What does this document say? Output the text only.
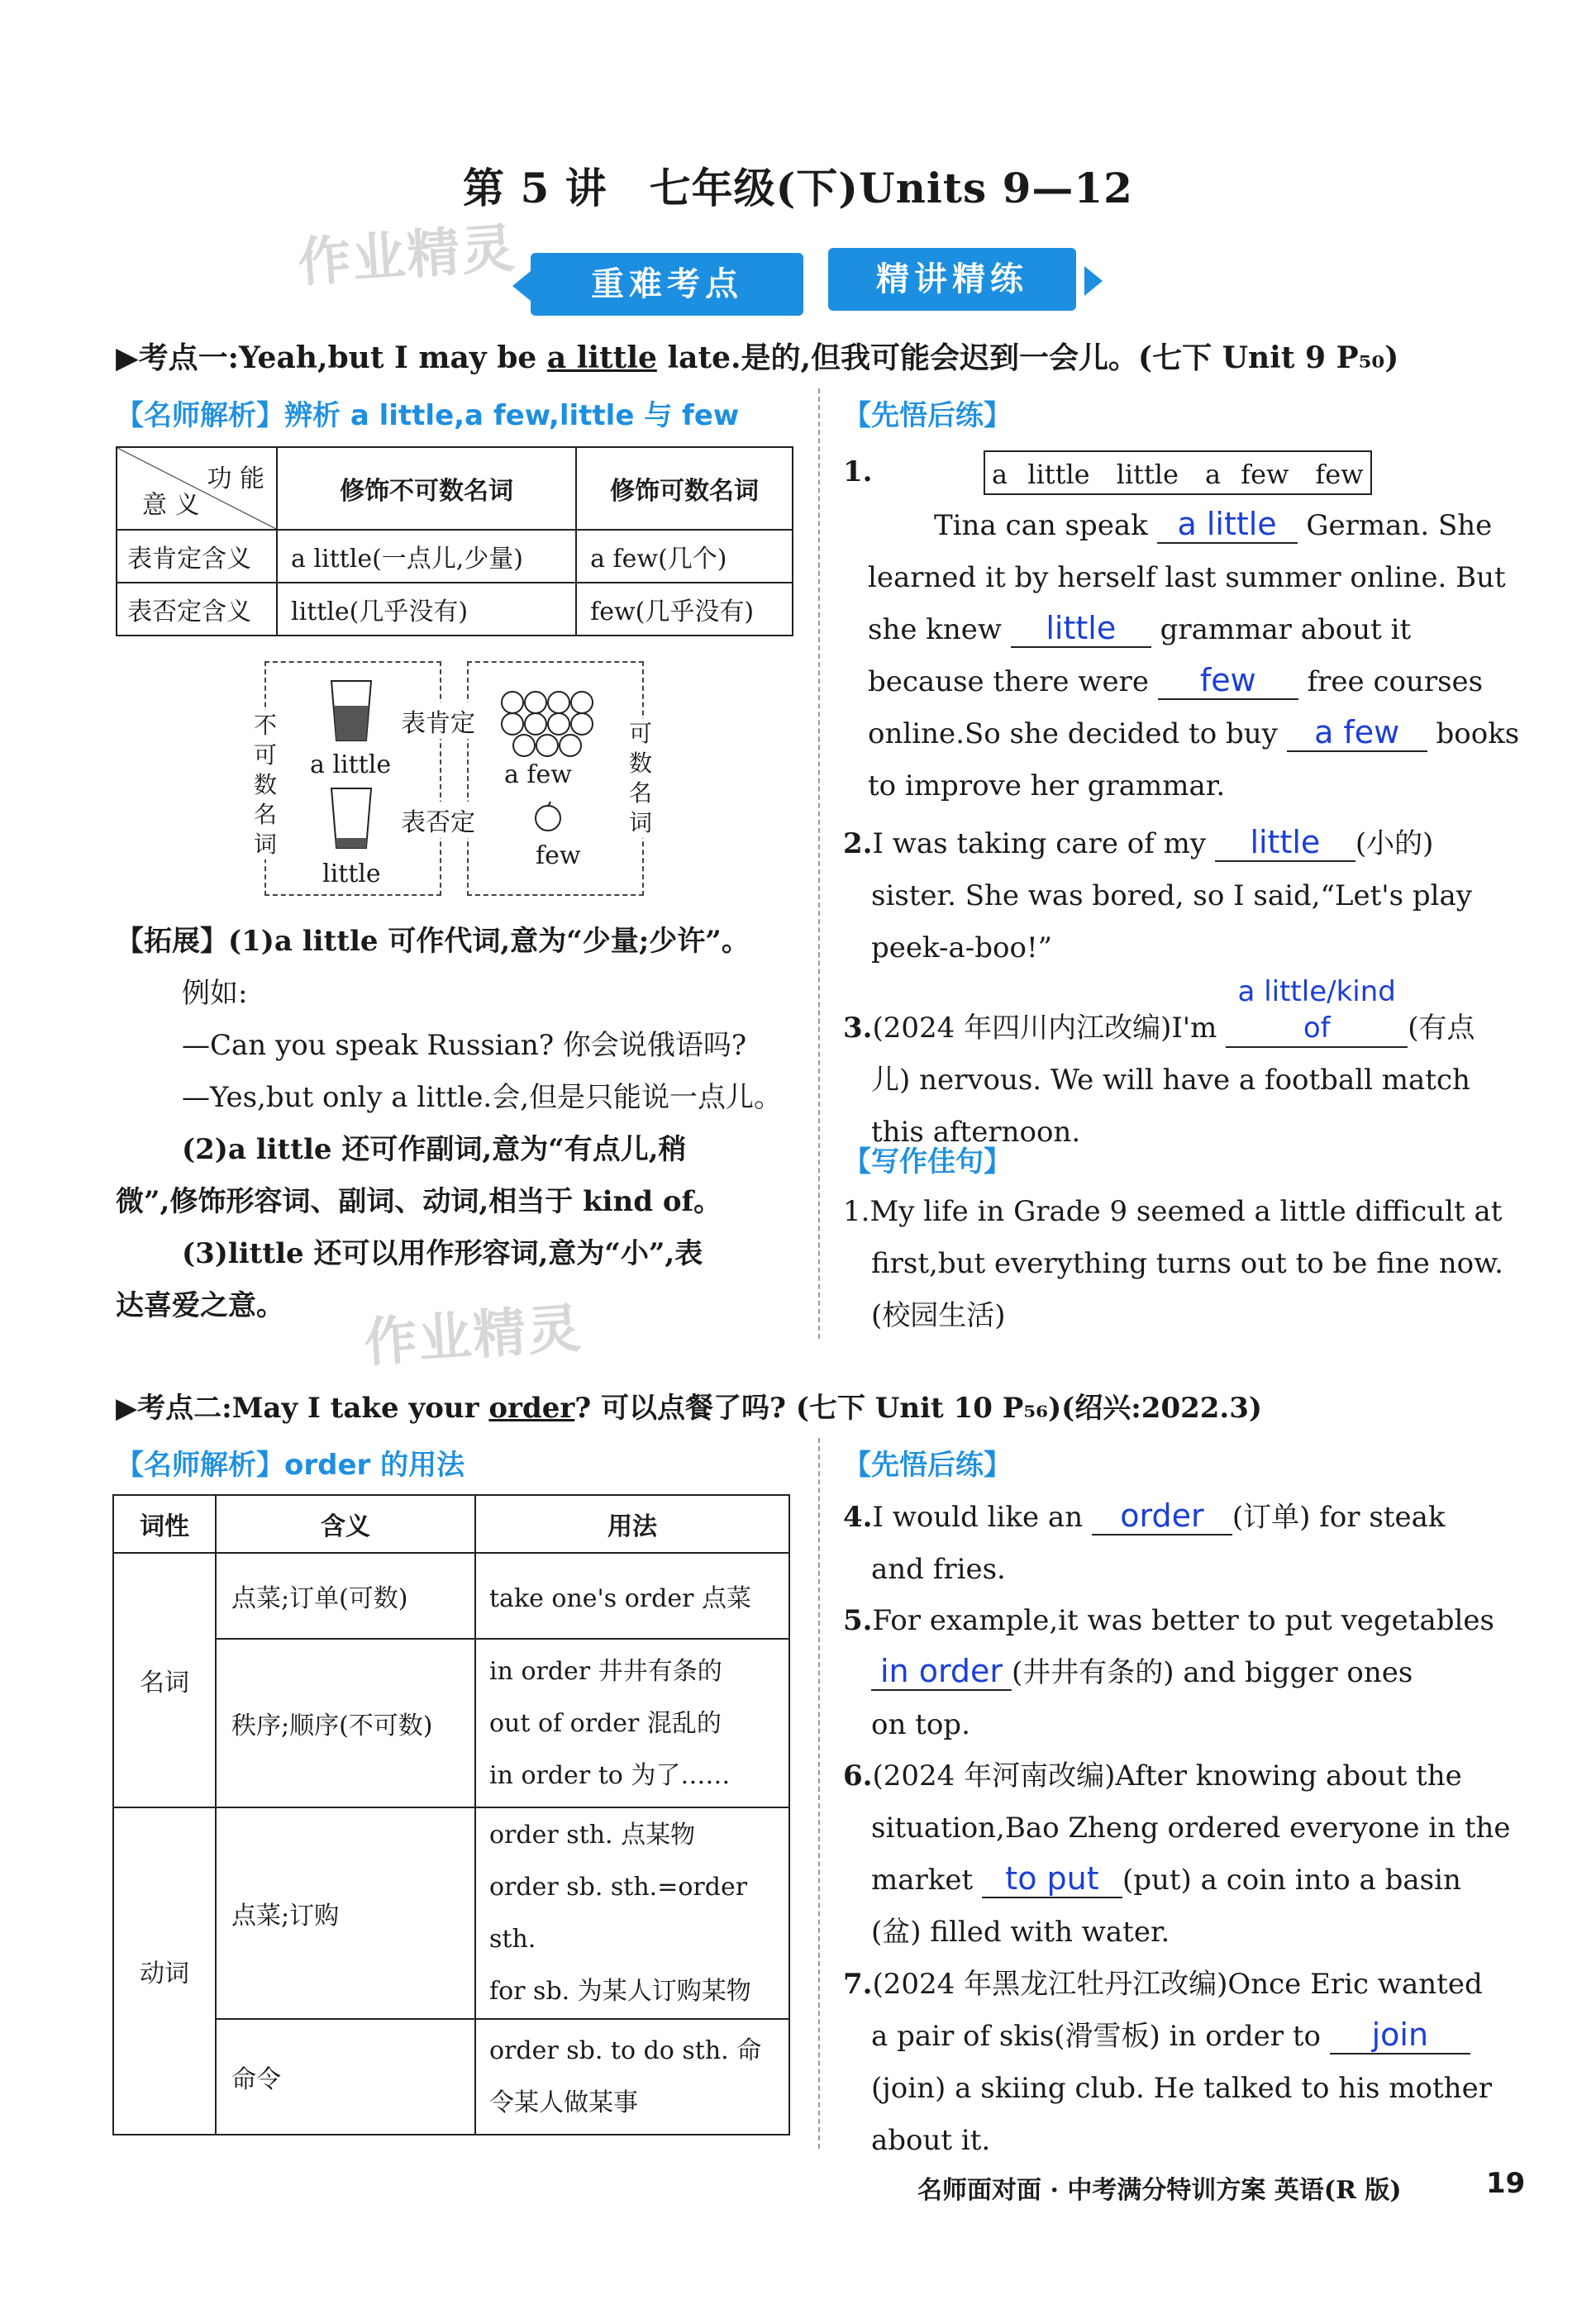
第 5 讲　七年级(下)Units 9—12
作业精灵
作业精灵
重难考点	精讲精练
▶考点一:Yeah,but I may be a little late.是的,但我可能会迟到一会儿。(七下 Unit 9 P₅₀)
【名师解析】辨析 a little,a few,little 与 few
功 能
意 义	修饰不可数名词	修饰可数名词
表肯定含义	a little(一点儿,少量)	a few(几个)
表否定含义	little(几乎没有)	few(几乎没有)
不可数名词
可数名词
a little
little
表肯定
表否定
a few
few
【拓展】(1)a little 可作代词,意为“少量;少许”。
例如:
—Can you speak Russian? 你会说俄语吗?
—Yes,but only a little.会,但是只能说一点儿。
(2)a little 还可作副词,意为“有点儿,稍
微”,修饰形容词、副词、动词,相当于 kind of。
(3)little 还可以用作形容词,意为“小”,表
达喜爱之意。
【先悟后练】
1.	a little　little　a few　few
Tina can speak a little German. She
learned it by herself last summer online. But
she knew little grammar about it
because there were few free courses
online.So she decided to buy a few books
to improve her grammar.
2.I was taking care of my little (小的)
sister. She was bored, so I said,“Let's play
peek-a-boo!”
3.(2024 年四川内江改编)I'm a little/kind of	(有点
儿) nervous. We will have a football match
this afternoon.
【写作佳句】
1.My life in Grade 9 seemed a little difficult at
first,but everything turns out to be fine now.
(校园生活)
▶考点二:May I take your order? 可以点餐了吗? (七下 Unit 10 P₅₆)(绍兴:2022.3)
【名师解析】order 的用法
词性	含义	用法
名词	点菜;订单(可数)	take one's order 点菜
	秩序;顺序(不可数)	in order 井井有条的
out of order 混乱的
in order to 为了……

动词	点菜;订购	order sth. 点某物
order sb. sth.=order sth.
for sb. 为某人订购某物

	命令	order sb. to do sth. 命
令某人做某事
【先悟后练】
4.I would like an order (订单) for steak
and fries.
5.For example,it was better to put vegetables
in order (井井有条的) and bigger ones
on top.
6.(2024 年河南改编)After knowing about the
situation,Bao Zheng ordered everyone in the
market to put (put) a coin into a basin
(盆) filled with water.
7.(2024 年黑龙江牡丹江改编)Once Eric wanted
a pair of skis(滑雪板) in order to join
(join) a skiing club. He talked to his mother
about it.
名师面对面 · 中考满分特训方案 英语(R 版)	19
